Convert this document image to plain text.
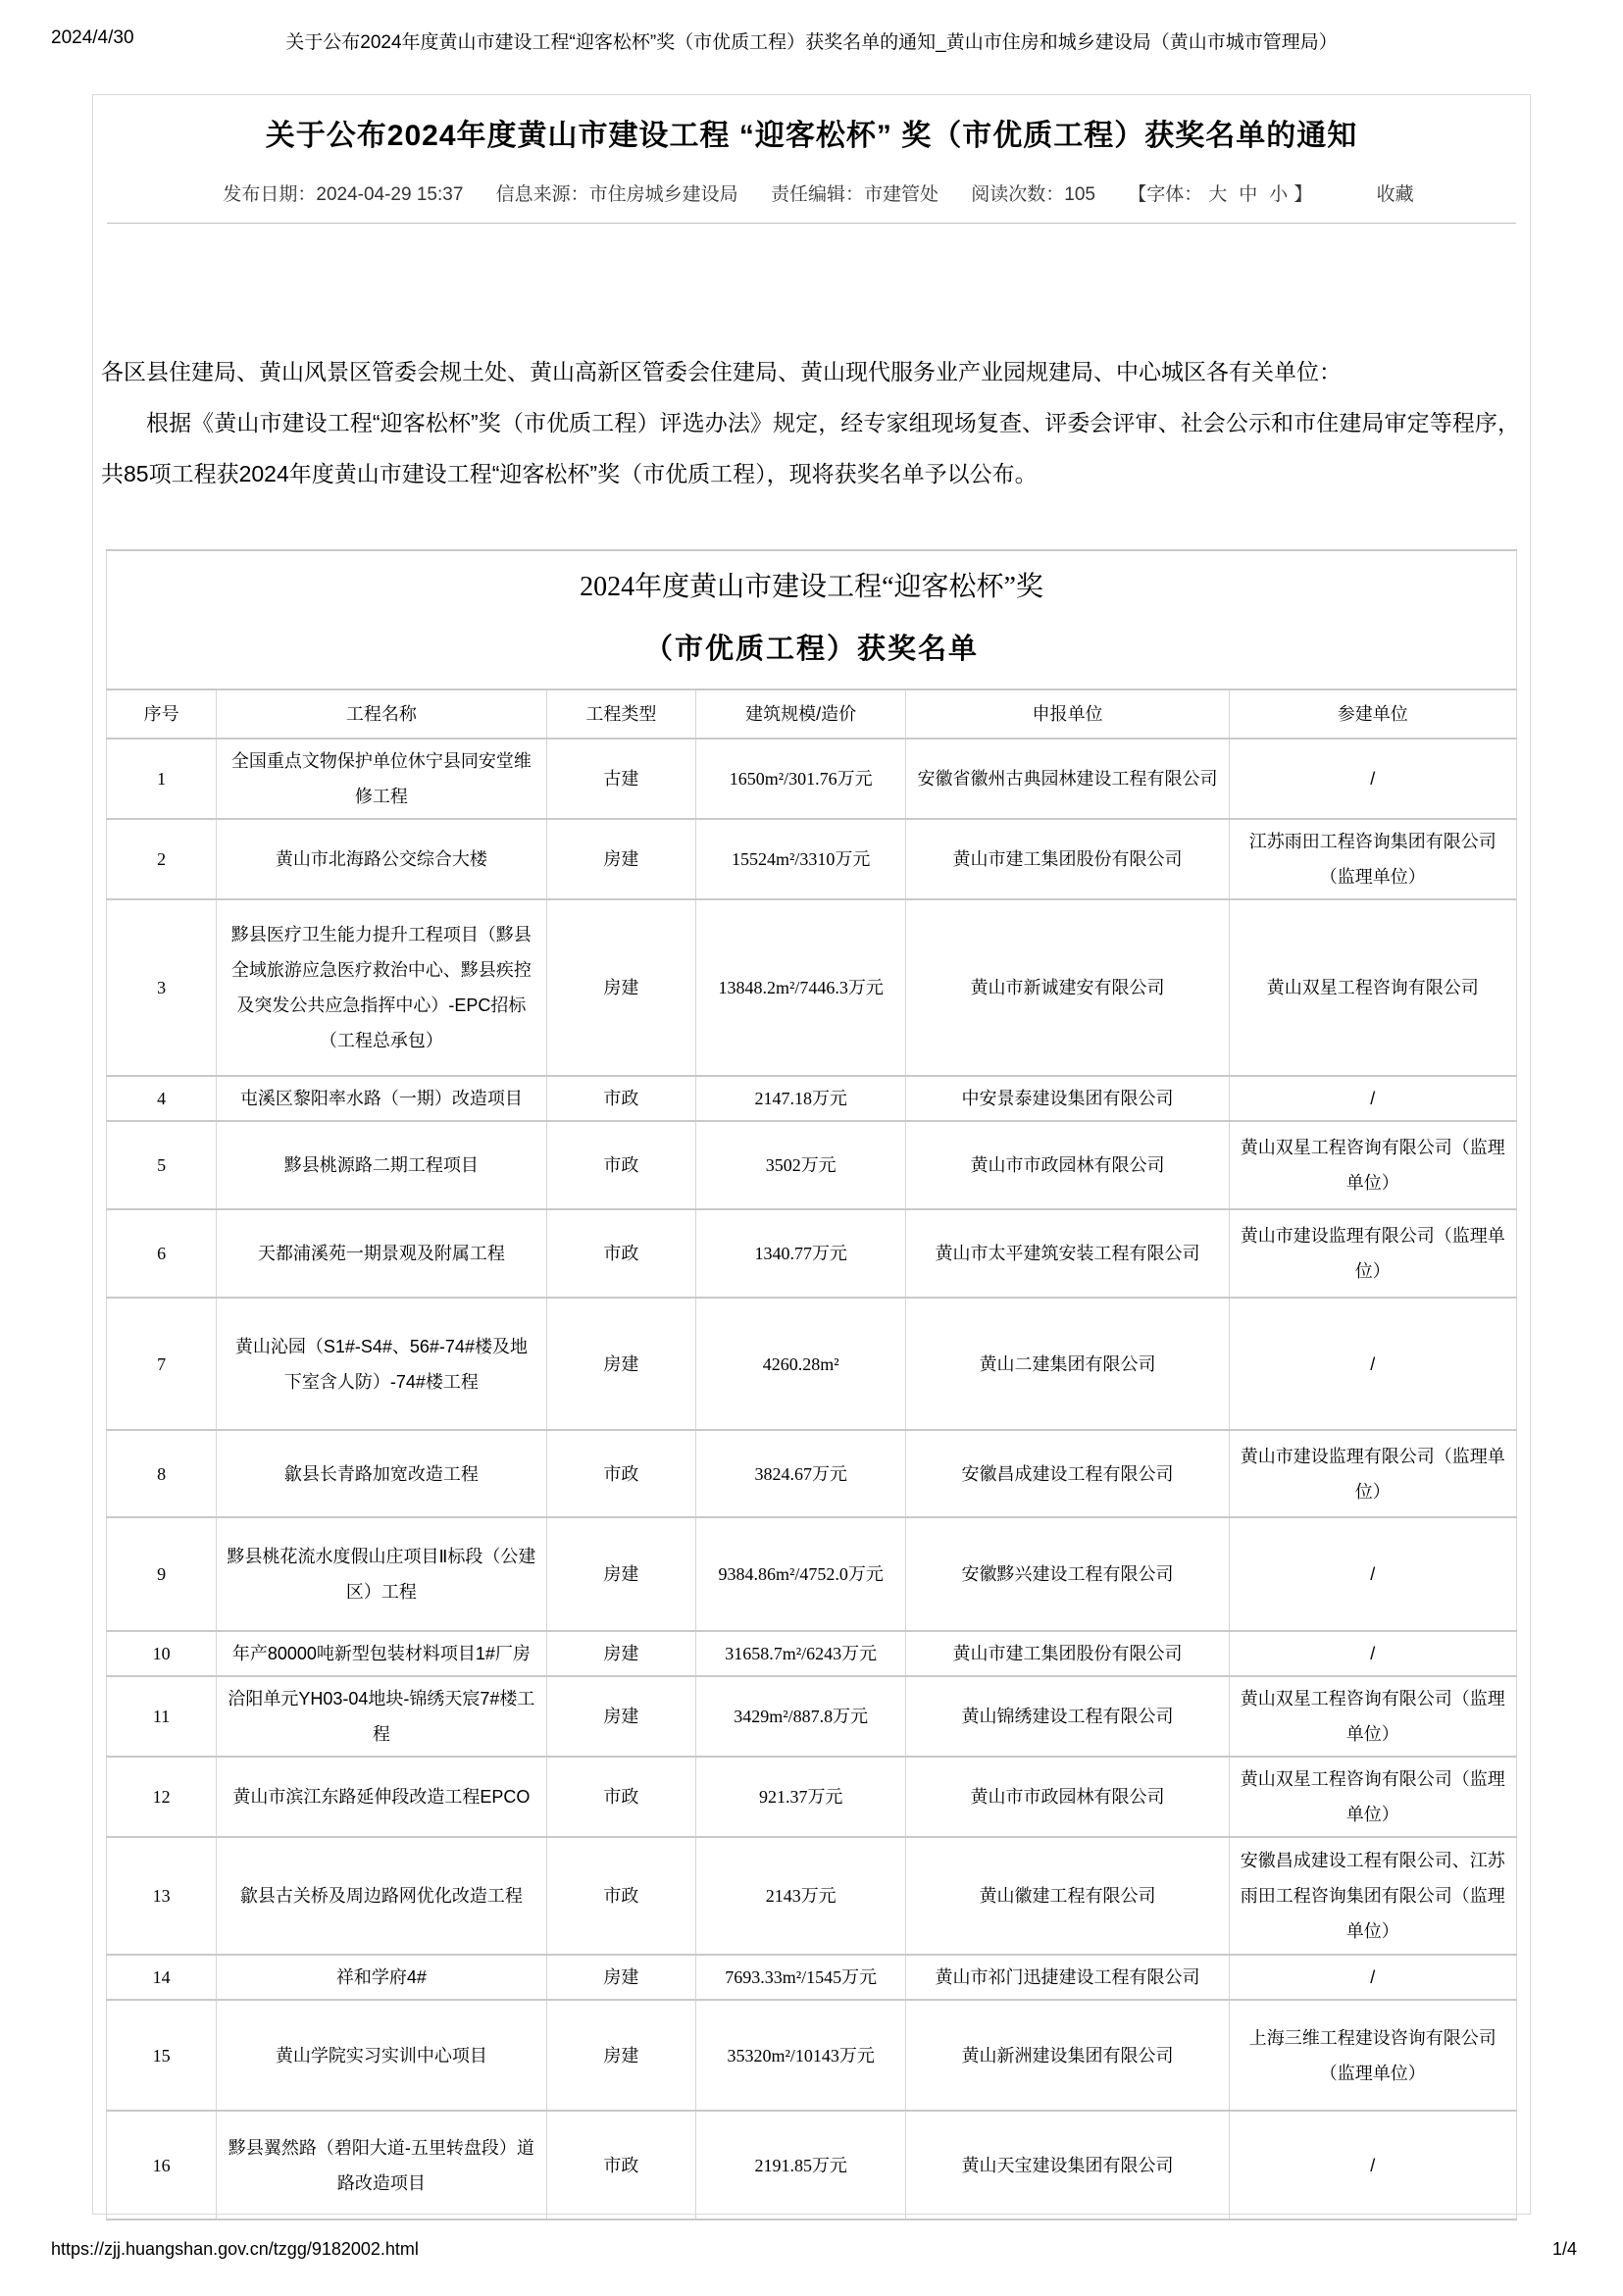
2024/4/30	关于公布2024年度黄山市建设工程“迎客松杯”奖（市优质工程）获奖名单的通知_黄山市住房和城乡建设局（黄山市城市管理局）
关于公布2024年度黄山市建设工程 “迎客松杯” 奖（市优质工程）获奖名单的通知
发布日期：2024-04-29 15:37 信息来源：市住房城乡建设局 责任编辑：市建管处 阅读次数：105 【字体： 大 中 小 】	收藏

各区县住建局、黄山风景区管委会规土处、黄山高新区管委会住建局、黄山现代服务业产业园规建局、中心城区各有关单位：

根据《黄山市建设工程“迎客松杯”奖（市优质工程）评选办法》规定，经专家组现场复查、评委会评审、社会公示和市住建局审定等程序，共85项工程获2024年度黄山市建设工程“迎客松杯”奖（市优质工程），现将获奖名单予以公布。

2024年度黄山市建设工程“迎客松杯”奖
（市优质工程）获奖名单					

序号	工程名称	工程类型	建筑规模/造价	申报单位	参建单位
1	全国重点文物保护单位休宁县同安堂维修工程	古建	1650m²/301.76万元	安徽省徽州古典园林建设工程有限公司	/
2	黄山市北海路公交综合大楼	房建	15524m²/3310万元	黄山市建工集团股份有限公司	江苏雨田工程咨询集团有限公司（监理单位）
3	黟县医疗卫生能力提升工程项目（黟县全域旅游应急医疗救治中心、黟县疾控及突发公共应急指挥中心）-EPC招标（工程总承包）	房建	13848.2m²/7446.3万元	黄山市新诚建安有限公司	黄山双星工程咨询有限公司
4	屯溪区黎阳率水路（一期）改造项目	市政	2147.18万元	中安景泰建设集团有限公司	/
5	黟县桃源路二期工程项目	市政	3502万元	黄山市市政园林有限公司	黄山双星工程咨询有限公司（监理单位）
6	天都浦溪苑一期景观及附属工程	市政	1340.77万元	黄山市太平建筑安装工程有限公司	黄山市建设监理有限公司（监理单位）
7	黄山沁园（S1#-S4#、56#-74#楼及地下室含人防）-74#楼工程	房建	4260.28m²	黄山二建集团有限公司	/
8	歙县长青路加宽改造工程	市政	3824.67万元	安徽昌成建设工程有限公司	黄山市建设监理有限公司（监理单位）
9	黟县桃花流水度假山庄项目Ⅱ标段（公建区）工程	房建	9384.86m²/4752.0万元	安徽黟兴建设工程有限公司	/
10	年产80000吨新型包装材料项目1#厂房	房建	31658.7m²/6243万元	黄山市建工集团股份有限公司	/
11	洽阳单元YH03-04地块-锦绣天宸7#楼工程	房建	3429m²/887.8万元	黄山锦绣建设工程有限公司	黄山双星工程咨询有限公司（监理单位）
12	黄山市滨江东路延伸段改造工程EPCO	市政	921.37万元	黄山市市政园林有限公司	黄山双星工程咨询有限公司（监理单位）
13	歙县古关桥及周边路网优化改造工程	市政	2143万元	黄山徽建工程有限公司	安徽昌成建设工程有限公司、江苏雨田工程咨询集团有限公司（监理单位）
14	祥和学府4#	房建	7693.33m²/1545万元	黄山市祁门迅捷建设工程有限公司	/
15	黄山学院实习实训中心项目	房建	35320m²/10143万元	黄山新洲建设集团有限公司	上海三维工程建设咨询有限公司（监理单位）
16	黟县翼然路（碧阳大道-五里转盘段）道路改造项目	市政	2191.85万元	黄山天宝建设集团有限公司	/
https://zjj.huangshan.gov.cn/tzgg/9182002.html	1/4
